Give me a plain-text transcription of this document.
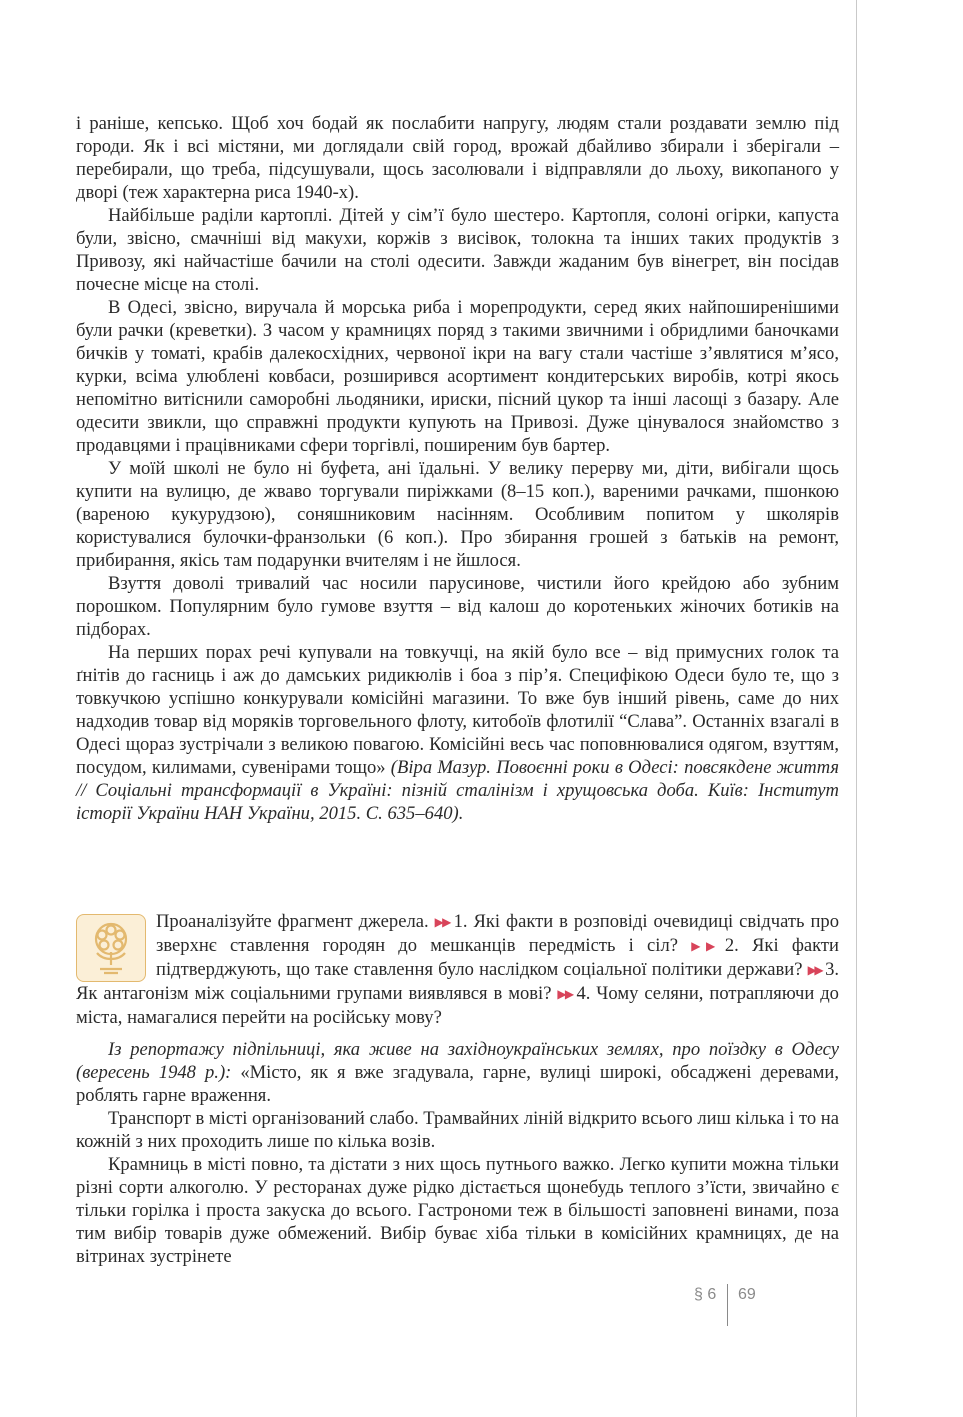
і раніше, кепсько. Щоб хоч бодай як послабити напругу, людям стали роздавати землю під городи. Як і всі містяни, ми доглядали свій город, врожай дбайливо збирали і зберігали – перебирали, що треба, підсушували, щось засолювали і відправляли до льоху, викопаного у дворі (теж характерна риса 1940-х).

Найбільше раділи картоплі. Дітей у сім’ї було шестеро. Картопля, солоні огірки, капуста були, звісно, смачніші від макухи, коржів з висівок, толокна та інших таких продуктів з Привозу, які найчастіше бачили на столі одесити. Завжди жаданим був вінегрет, він посідав почесне місце на столі.

В Одесі, звісно, виручала й морська риба і морепродукти, серед яких найпоширенішими були рачки (креветки). З часом у крамницях поряд з такими звичними і обридлими баночками бичків у томаті, крабів далекосхідних, червоної ікри на вагу стали частіше з’являтися м’ясо, курки, всіма улюблені ковбаси, розширився асортимент кондитерських виробів, котрі якось непомітно витіснили саморобні льодяники, ириски, пісний цукор та інші ласощі з базару. Але одесити звикли, що справжні продукти купують на Привозі. Дуже цінувалося знайомство з продавцями і працівниками сфери торгівлі, поширеним був бартер.

У моїй школі не було ні буфета, ані їдальні. У велику перерву ми, діти, вибігали щось купити на вулицю, де жваво торгували пиріжками (8–15 коп.), вареними рачками, пшонкою (вареною кукурудзою), соняшниковим насінням. Особливим попитом у школярів користувалися булочки-франзольки (6 коп.). Про збирання грошей з батьків на ремонт, прибирання, якісь там подарунки вчителям і не йшлося.

Взуття доволі тривалий час носили парусинове, чистили його крейдою або зубним порошком. Популярним було гумове взуття – від калош до коротеньких жіночих ботиків на підборах.

На перших порах речі купували на товкучці, на якій було все – від примусних голок та ґнітів до гасниць і аж до дамських ридикюлів і боа з пір’я. Специфікою Одеси було те, що з товкучкою успішно конкурували комісійні магазини. То вже був інший рівень, саме до них надходив товар від моряків торговельного флоту, китобоїв флотилії “Слава”. Останніх взагалі в Одесі щораз зустрічали з великою повагою. Комісійні весь час поповнювалися одягом, взуттям, посудом, килимами, сувенірами тощо» (Віра Мазур. Повоєнні роки в Одесі: повсякдене життя // Соціальні трансформації в Україні: пізній сталінізм і хрущовська доба. Київ: Інститут історії України НАН України, 2015. С. 635–640).

Проаналізуйте фрагмент джерела. ▶▶ 1. Які факти в розповіді очевидиці свідчать про зверхнє ставлення городян до мешканців передмість і сіл? ▶▶ 2. Які факти підтверджують, що таке ставлення було наслідком соціальної політики держави? ▶▶ 3. Як антагонізм між соціальними групами виявлявся в мові? ▶▶ 4. Чому селяни, потрапляючи до міста, намагалися перейти на російську мову?

Із репортажу підпільниці, яка живе на західноукраїнських землях, про поїздку в Одесу (вересень 1948 р.): «Місто, як я вже згадувала, гарне, вулиці широкі, обсаджені деревами, роблять гарне враження.

Транспорт в місті організований слабо. Трамвайних ліній відкрито всього лиш кілька і то на кожній з них проходить лише по кілька возів.

Крамниць в місті повно, та дістати з них щось путнього важко. Легко купити можна тільки різні сорти алкоголю. У ресторанах дуже рідко дістається щонебудь теплого з’їсти, звичайно є тільки горілка і проста закуска до всього. Гастрономи теж в більшості заповнені винами, поза тим вибір товарів дуже обмежений. Вибір буває хіба тільки в комісійних крамницях, де на вітринах зустрінете

§ 6 69
